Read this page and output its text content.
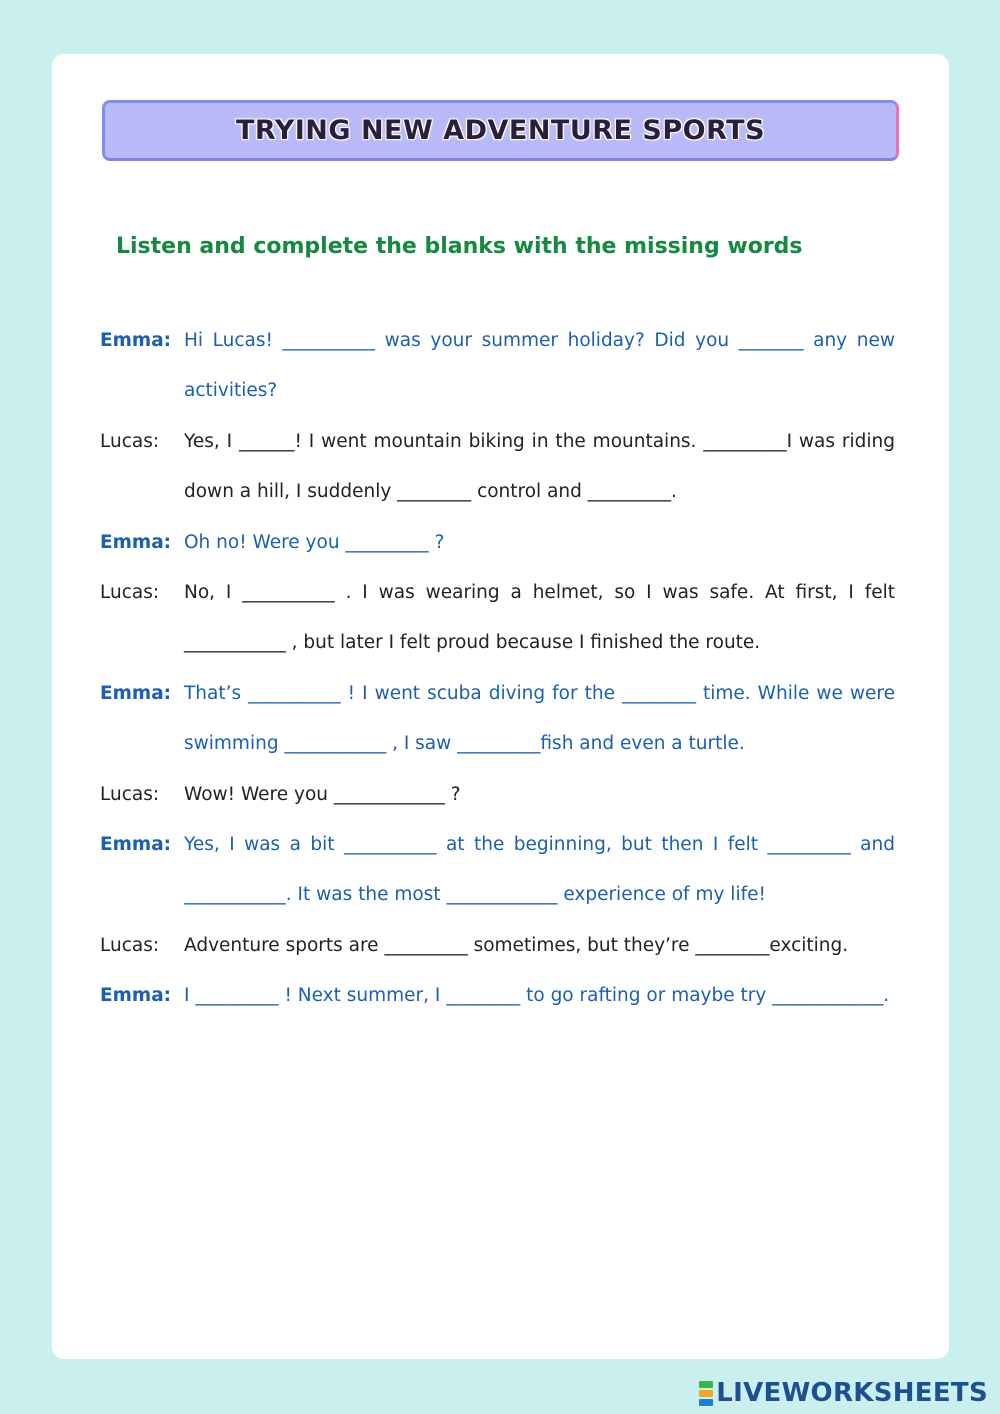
TRYING NEW ADVENTURE SPORTS
Listen and complete the blanks with the missing words
Emma: Hi Lucas! __________ was your summer holiday? Did you _______ any new activities?
Lucas:	Yes, I ______! I went mountain biking in the mountains. _________I was riding down a hill, I suddenly ________ control and _________.
Emma: Oh no! Were you _________ ?
Lucas:	No, I __________ . I was wearing a helmet, so I was safe. At first, I felt ___________ , but later I felt proud because I finished the route.
Emma: That’s __________ ! I went scuba diving for the ________ time. While we were swimming ___________ , I saw _________fish and even a turtle.
Lucas:	Wow! Were you ____________ ?
Emma: Yes, I was a bit __________ at the beginning, but then I felt _________ and ___________. It was the most ____________ experience of my life!
Lucas:	Adventure sports are _________ sometimes, but they’re ________exciting.
Emma: I _________ ! Next summer, I ________ to go rafting or maybe try ____________.
LIVEWORKSHEETS
